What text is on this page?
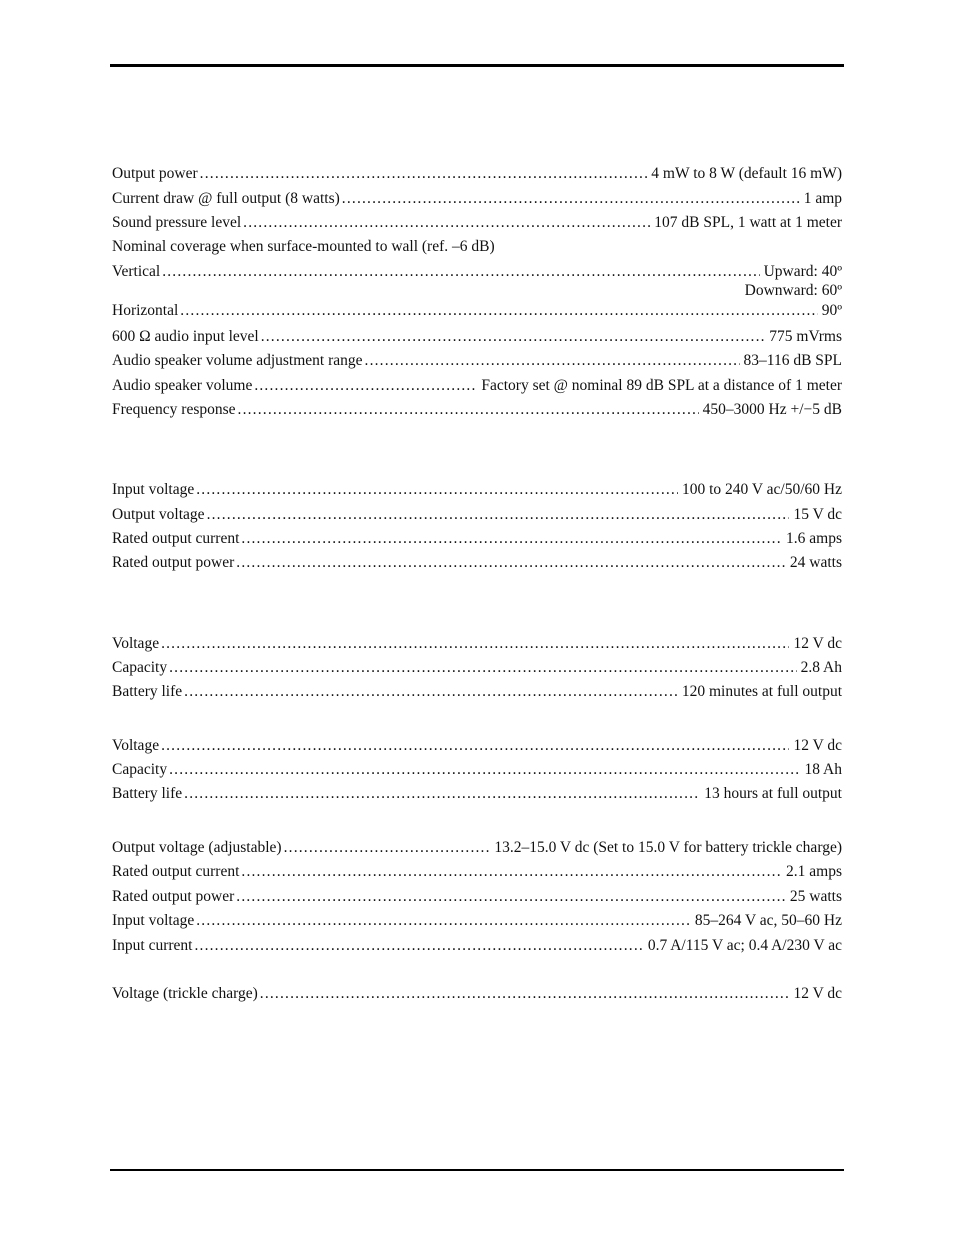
Output power . . .	4 mW to 8 W (default 16 mW)
Current draw @ full output (8 watts) . . .	1 amp
Sound pressure level . . .	107 dB SPL, 1 watt at 1 meter
Nominal coverage when surface-mounted to wall (ref. –6 dB)
Vertical . . .	Upward: 40º
Downward: 60º
Horizontal . . .	90º
600 Ω audio input level . . .	775 mVrms
Audio speaker volume adjustment range . . .	83–116 dB SPL
Audio speaker volume . . .	Factory set @ nominal 89 dB SPL at a distance of 1 meter
Frequency response . . .	450–3000 Hz +/−5 dB
Input voltage . . .	100 to 240 V ac/50/60 Hz
Output voltage . . .	15 V dc
Rated output current . . .	1.6 amps
Rated output power . . .	24 watts
Voltage . . .	12 V dc
Capacity . . .	2.8 Ah
Battery life . . .	120 minutes at full output
Voltage . . .	12 V dc
Capacity . . .	18 Ah
Battery life . . .	13 hours at full output
Output voltage (adjustable) . . .	13.2–15.0 V dc (Set to 15.0 V for battery trickle charge)
Rated output current . . .	2.1 amps
Rated output power . . .	25 watts
Input voltage . . .	85–264 V ac, 50–60 Hz
Input current . . .	0.7 A/115 V ac; 0.4 A/230 V ac
Voltage (trickle charge) . . .	12 V dc
